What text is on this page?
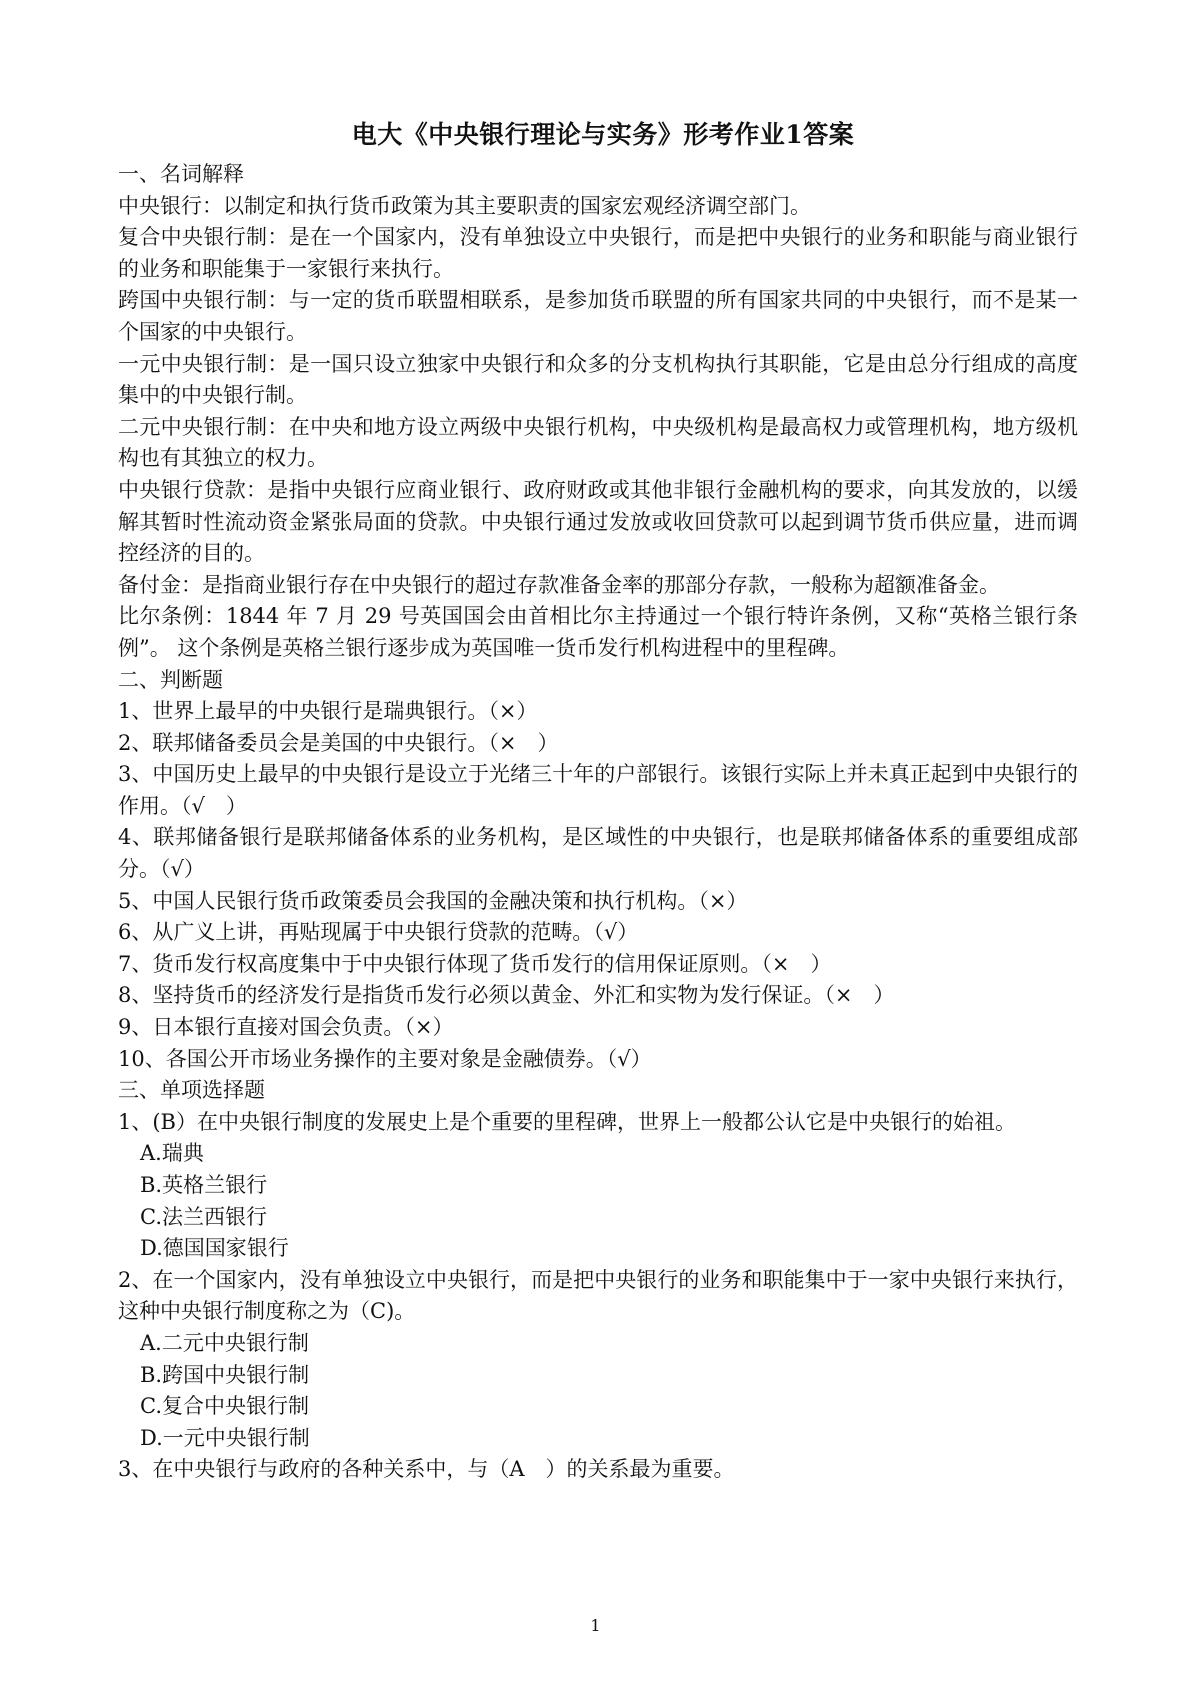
电大《中央银行理论与实务》形考作业1答案

一、名词解释

中央银行：以制定和执行货币政策为其主要职责的国家宏观经济调空部门。

复合中央银行制：是在一个国家内，没有单独设立中央银行，而是把中央银行的业务和职能与商业银行的业务和职能集于一家银行来执行。

跨国中央银行制：与一定的货币联盟相联系，是参加货币联盟的所有国家共同的中央银行，而不是某一个国家的中央银行。

一元中央银行制：是一国只设立独家中央银行和众多的分支机构执行其职能，它是由总分行组成的高度集中的中央银行制。

二元中央银行制：在中央和地方设立两级中央银行机构，中央级机构是最高权力或管理机构，地方级机构也有其独立的权力。

中央银行贷款：是指中央银行应商业银行、政府财政或其他非银行金融机构的要求，向其发放的，以缓解其暂时性流动资金紧张局面的贷款。中央银行通过发放或收回贷款可以起到调节货币供应量，进而调控经济的目的。

备付金：是指商业银行存在中央银行的超过存款准备金率的那部分存款，一般称为超额准备金。

比尔条例：1844 年 7 月 29 号英国国会由首相比尔主持通过一个银行特许条例，又称“英格兰银行条例”。 这个条例是英格兰银行逐步成为英国唯一货币发行机构进程中的里程碑。

二、判断题

1、世界上最早的中央银行是瑞典银行。（×）

2、联邦储备委员会是美国的中央银行。（×　）

3、中国历史上最早的中央银行是设立于光绪三十年的户部银行。该银行实际上并未真正起到中央银行的作用。（√　）

4、联邦储备银行是联邦储备体系的业务机构，是区域性的中央银行，也是联邦储备体系的重要组成部分。（√）

5、中国人民银行货币政策委员会我国的金融决策和执行机构。（×）

6、从广义上讲，再贴现属于中央银行贷款的范畴。（√）

7、货币发行权高度集中于中央银行体现了货币发行的信用保证原则。（×　）

8、坚持货币的经济发行是指货币发行必须以黄金、外汇和实物为发行保证。（×　）

9、日本银行直接对国会负责。（×）

10、各国公开市场业务操作的主要对象是金融债券。（√）

三、单项选择题

1、(B）在中央银行制度的发展史上是个重要的里程碑，世界上一般都公认它是中央银行的始祖。

A.瑞典

B.英格兰银行

C.法兰西银行

D.德国国家银行

2、在一个国家内，没有单独设立中央银行，而是把中央银行的业务和职能集中于一家中央银行来执行，这种中央银行制度称之为（C)。

A.二元中央银行制

B.跨国中央银行制

C.复合中央银行制

D.一元中央银行制

3、在中央银行与政府的各种关系中，与（A　）的关系最为重要。

1
